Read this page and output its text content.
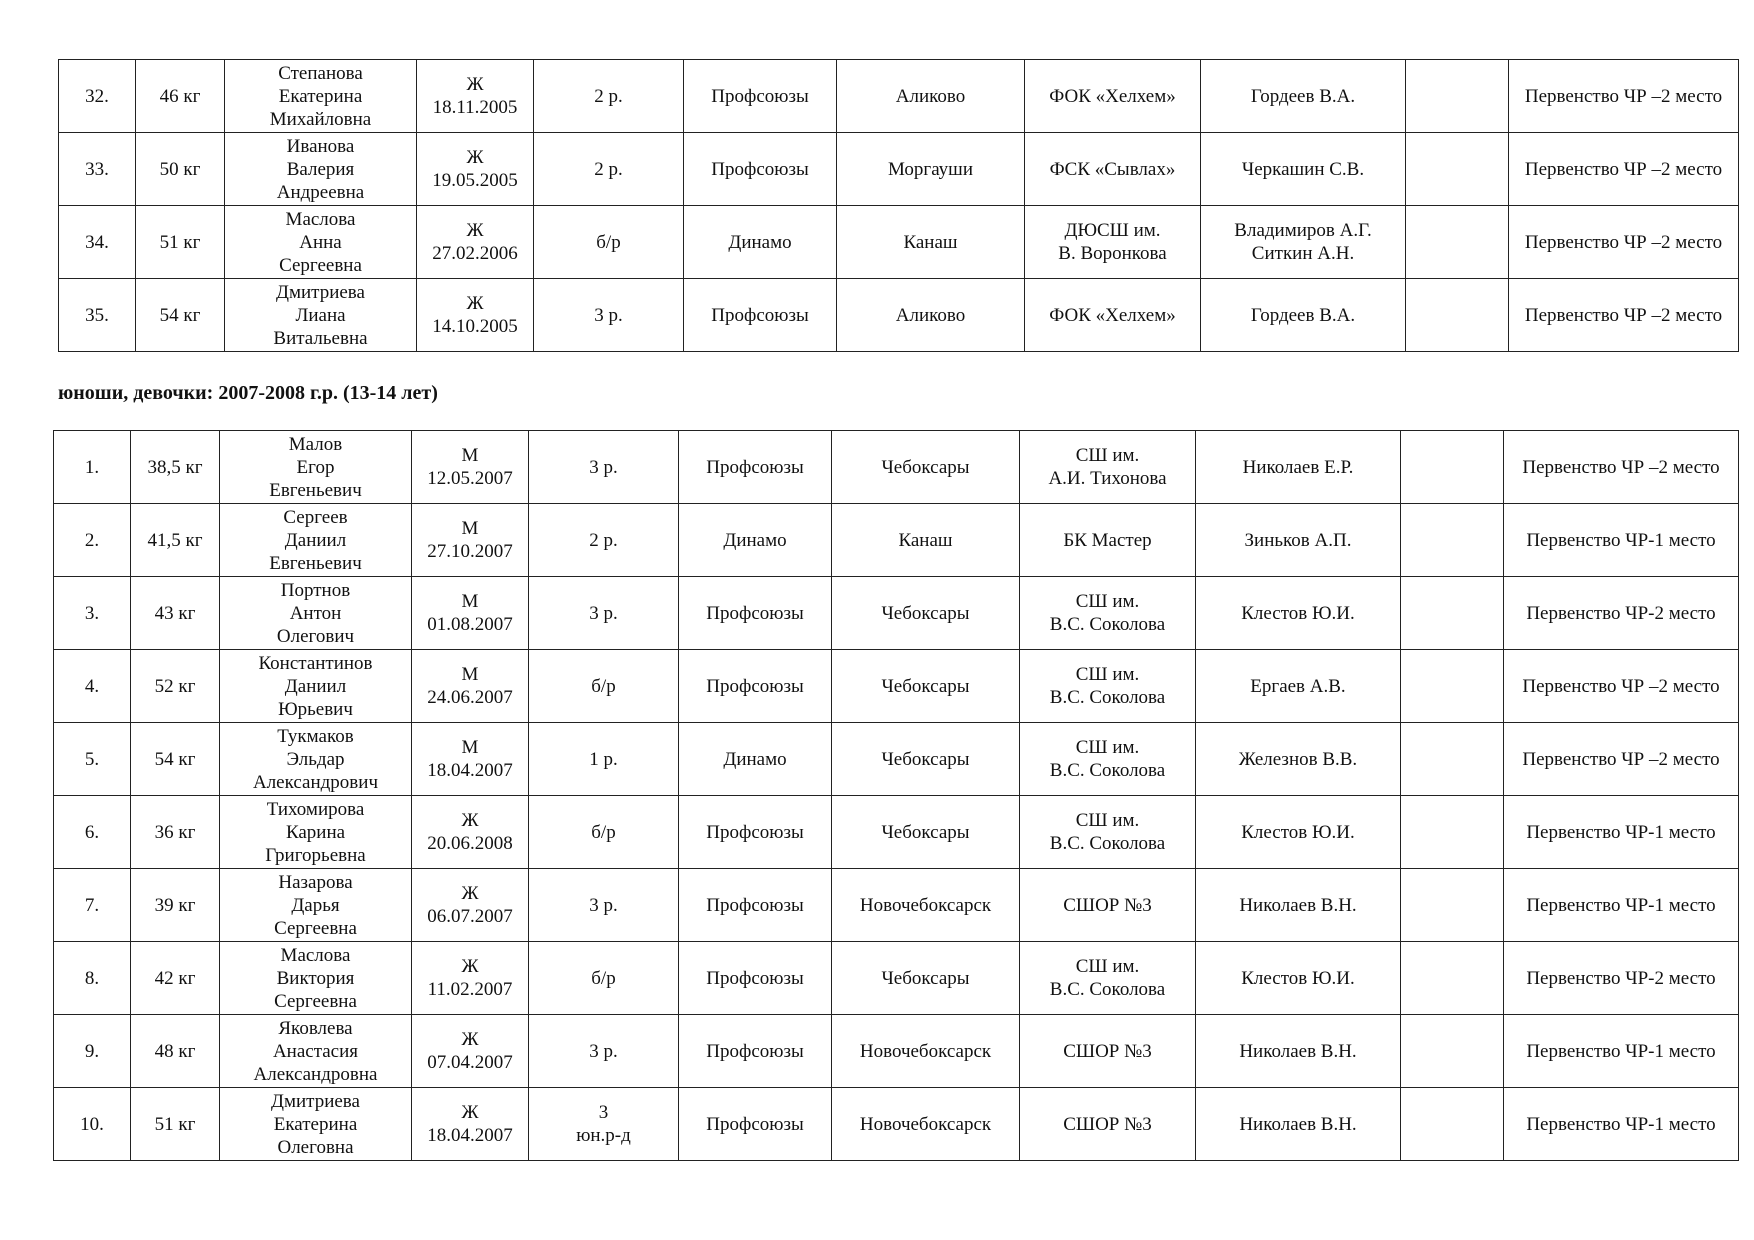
32.	46 кг	Степанова
Екатерина
Михайловна	Ж
18.11.2005	2 р.	Профсоюзы	Аликово	ФОК «Хелхем»	Гордеев В.А.		Первенство ЧР –2 место
33.	50 кг	Иванова
Валерия
Андреевна	Ж
19.05.2005	2 р.	Профсоюзы	Моргауши	ФСК «Сывлах»	Черкашин С.В.		Первенство ЧР –2 место
34.	51 кг	Маслова
Анна
Сергеевна	Ж
27.02.2006	б/р	Динамо	Канаш	ДЮСШ им.
В. Воронкова	Владимиров А.Г.
Ситкин А.Н.		Первенство ЧР –2 место
35.	54 кг	Дмитриева
Лиана
Витальевна	Ж
14.10.2005	3 р.	Профсоюзы	Аликово	ФОК «Хелхем»	Гордеев В.А.		Первенство ЧР –2 место
юноши, девочки: 2007-2008 г.р. (13-14 лет)
1.	38,5 кг	Малов
Егор
Евгеньевич	М
12.05.2007	3 р.	Профсоюзы	Чебоксары	СШ им.
А.И. Тихонова	Николаев Е.Р.		Первенство ЧР –2 место
2.	41,5 кг	Сергеев
Даниил
Евгеньевич	М
27.10.2007	2 р.	Динамо	Канаш	БК Мастер	Зиньков А.П.		Первенство ЧР-1 место
3.	43 кг	Портнов
Антон
Олегович	М
01.08.2007	3 р.	Профсоюзы	Чебоксары	СШ им.
В.С. Соколова	Клестов Ю.И.		Первенство ЧР-2 место
4.	52 кг	Константинов
Даниил
Юрьевич	М
24.06.2007	б/р	Профсоюзы	Чебоксары	СШ им.
В.С. Соколова	Ергаев А.В.		Первенство ЧР –2 место
5.	54 кг	Тукмаков
Эльдар
Александрович	М
18.04.2007	1 р.	Динамо	Чебоксары	СШ им.
В.С. Соколова	Железнов В.В.		Первенство ЧР –2 место
6.	36 кг	Тихомирова
Карина
Григорьевна	Ж
20.06.2008	б/р	Профсоюзы	Чебоксары	СШ им.
В.С. Соколова	Клестов Ю.И.		Первенство ЧР-1 место
7.	39 кг	Назарова
Дарья
Сергеевна	Ж
06.07.2007	3 р.	Профсоюзы	Новочебоксарск	СШОР №3	Николаев В.Н.		Первенство ЧР-1 место
8.	42 кг	Маслова
Виктория
Сергеевна	Ж
11.02.2007	б/р	Профсоюзы	Чебоксары	СШ им.
В.С. Соколова	Клестов Ю.И.		Первенство ЧР-2 место
9.	48 кг	Яковлева
Анастасия
Александровна	Ж
07.04.2007	3 р.	Профсоюзы	Новочебоксарск	СШОР №3	Николаев В.Н.		Первенство ЧР-1 место
10.	51 кг	Дмитриева
Екатерина
Олеговна	Ж
18.04.2007	3
юн.р-д	Профсоюзы	Новочебоксарск	СШОР №3	Николаев В.Н.		Первенство ЧР-1 место
